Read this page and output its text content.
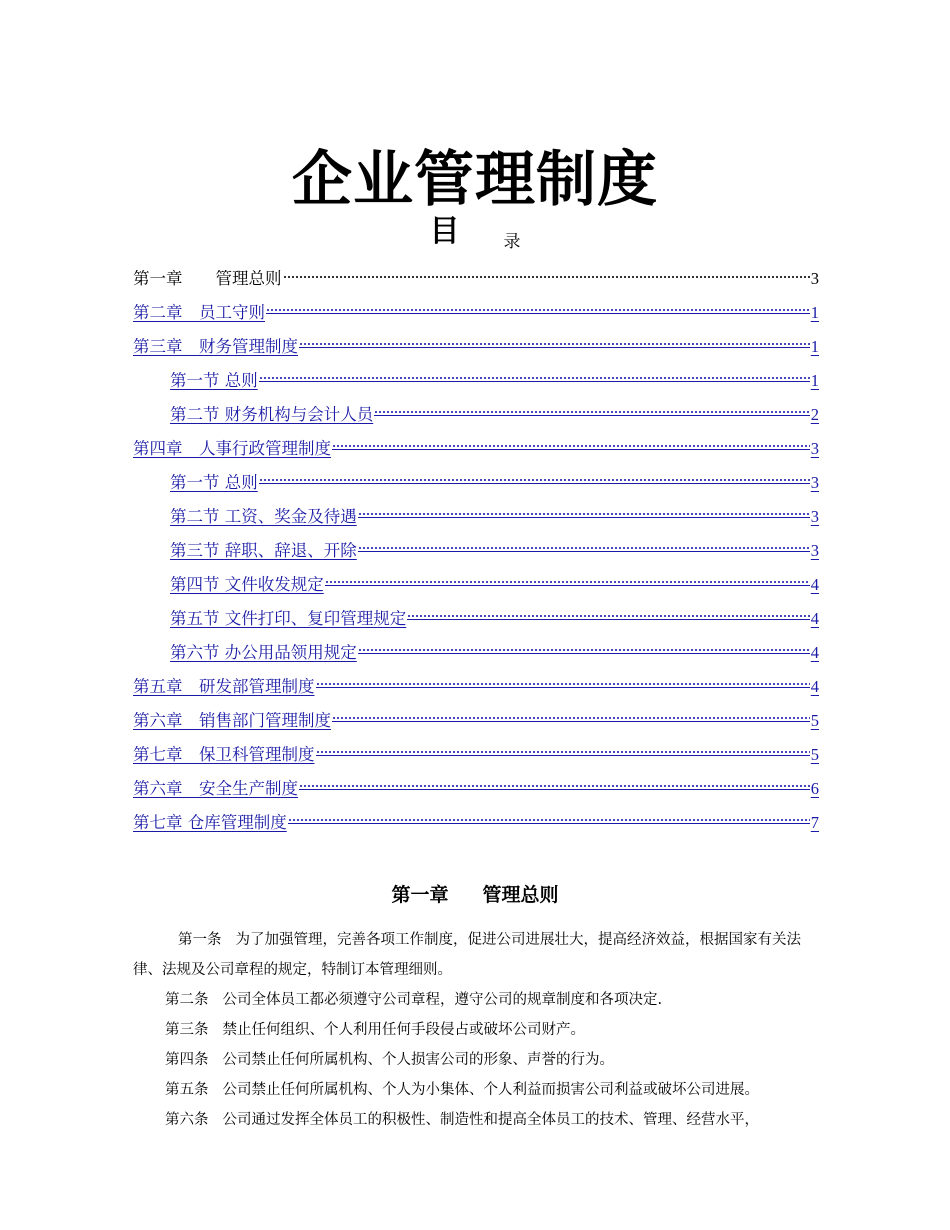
企业管理制度
目	录
第一章　　管理总则	3
第二章　员工守则	1
第三章　财务管理制度	1
第一节 总则	1
第二节 财务机构与会计人员	2
第四章　人事行政管理制度	3
第一节 总则	3
第二节 工资、奖金及待遇	3
第三节 辞职、辞退、开除	3
第四节 文件收发规定	4
第五节 文件打印、复印管理规定	4
第六节 办公用品领用规定	4
第五章　研发部管理制度	4
第六章　销售部门管理制度	5
第七章　保卫科管理制度	5
第六章　安全生产制度	6
第七章 仓库管理制度	7
第一章 管理总则
第一条 为了加强管理，完善各项工作制度，促进公司进展壮大，提高经济效益，根据国家有关法律、法规及公司章程的规定，特制订本管理细则。
第二条 公司全体员工都必须遵守公司章程，遵守公司的规章制度和各项决定.
第三条 禁止任何组织、个人利用任何手段侵占或破坏公司财产。
第四条 公司禁止任何所属机构、个人损害公司的形象、声誉的行为。
第五条 公司禁止任何所属机构、个人为小集体、个人利益而损害公司利益或破坏公司进展。
第六条 公司通过发挥全体员工的积极性、制造性和提高全体员工的技术、管理、经营水平，
